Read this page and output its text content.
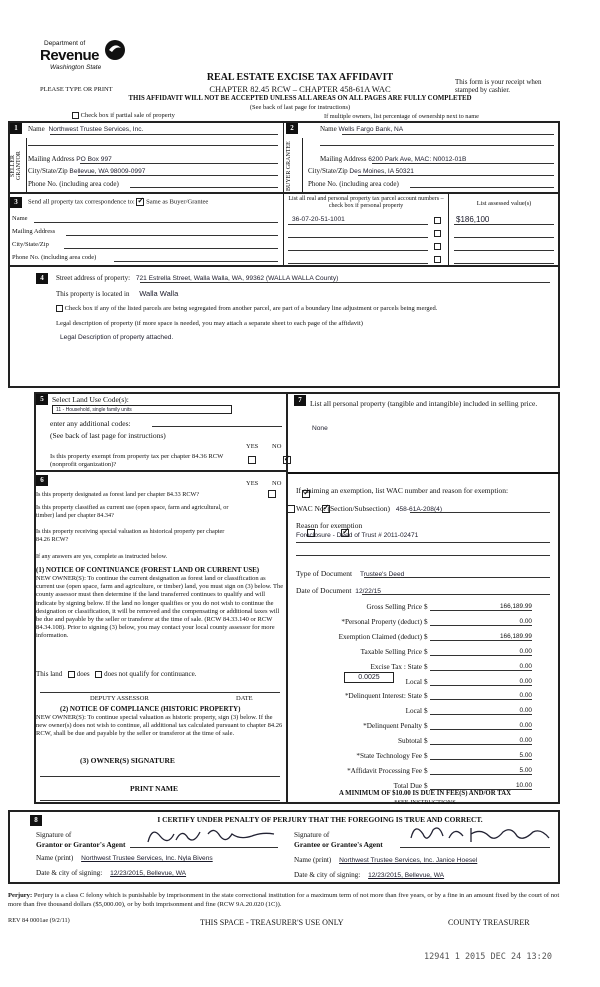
Department of
Revenue
Washington State
PLEASE TYPE OR PRINT
REAL ESTATE EXCISE TAX AFFIDAVIT
CHAPTER 82.45 RCW – CHAPTER 458-61A WAC
THIS AFFIDAVIT WILL NOT BE ACCEPTED UNLESS ALL AREAS ON ALL PAGES ARE FULLY COMPLETED
(See back of last page for instructions)
This form is your receipt when stamped by cashier.
Check box if partial sale of property	If multiple owners, list percentage of ownership next to name
1
SELLER GRANTOR
Name Northwest Trustee Services, Inc.
Mailing Address PO Box 997
City/State/Zip Bellevue, WA 98009-0997
Phone No. (including area code)
2
BUYER GRANTEE
Name Wells Fargo Bank, NA
Mailing Address 6200 Park Ave, MAC: N0012-01B
City/State/Zip Des Moines, IA 50321
Phone No. (including area code)
3	Send all property tax correspondence to: ✓ Same as Buyer/Grantee
Name
Mailing Address
City/State/Zip
Phone No. (including area code)
List all real and personal property tax parcel account numbers – check box if personal property	List assessed value(s)
36-07-20-51-1001	$186,100
4	Street address of property: 721 Estrella Street, Walla Walla, WA, 99362 (WALLA WALLA County)
This property is located in Walla Walla
Check box if any of the listed parcels are being segregated from another parcel, are part of a boundary line adjustment or parcels being merged.
Legal description of property (if more space is needed, you may attach a separate sheet to each page of the affidavit)
Legal Description of property attached.
5	Select Land Use Code(s):
11 - Household, single family units
enter any additional codes:
(See back of last page for instructions)
YES NO
Is this property exempt from property tax per chapter 84.36 RCW (nonprofit organization)?
✓
6	YES NO
Is this property designated as forest land per chapter 84.33 RCW?
✓
Is this property classified as current use (open space, farm and agricultural, or timber) land per chapter 84.34?
✓
Is this property receiving special valuation as historical property per chapter 84.26 RCW?
✓
If any answers are yes, complete as instructed below.
(1) NOTICE OF CONTINUANCE (FOREST LAND OR CURRENT USE)
NEW OWNER(S): To continue the current designation as forest land or classification as current use (open space, farm and agriculture, or timber) land, you must sign on (3) below. The county assessor must then determine if the land transferred continues to qualify and will indicate by signing below. If the land no longer qualifies or you do not wish to continue the designation or classification, it will be removed and the compensating or additional taxes will be due and payable by the seller or transferor at the time of sale. (RCW 84.33.140 or RCW 84.34.108). Prior to signing (3) below, you may contact your local county assessor for more information.
This land does does not qualify for continuance.
DEPUTY ASSESSOR	DATE
(2) NOTICE OF COMPLIANCE (HISTORIC PROPERTY)
NEW OWNER(S): To continue special valuation as historic property, sign (3) below. If the new owner(s) does not wish to continue, all additional tax calculated pursuant to chapter 84.26 RCW, shall be due and payable by the seller or transferor at the time of sale.
(3) OWNER(S) SIGNATURE
PRINT NAME
7	List all personal property (tangible and intangible) included in selling price.
None
If claiming an exemption, list WAC number and reason for exemption:
WAC No. (Section/Subsection) 458-61A-208(4)
Reason for exemption
Foreclosure - Deed of Trust # 2011-02471
Type of Document Trustee's Deed
Date of Document 12/22/15
Gross Selling Price $	166,189.99
*Personal Property (deduct) $	0.00
Exemption Claimed (deduct) $	166,189.99
Taxable Selling Price $	0.00
Excise Tax : State $	0.00
Local $	0.00
*Delinquent Interest: State $	0.00
Local $	0.00
*Delinquent Penalty $	0.00
Subtotal $	0.00
*State Technology Fee $	5.00
*Affidavit Processing Fee $	5.00
Total Due $	10.00
0.0025
A MINIMUM OF $10.00 IS DUE IN FEE(S) AND/OR TAX
*SEE INSTRUCTIONS
8	I CERTIFY UNDER PENALTY OF PERJURY THAT THE FOREGOING IS TRUE AND CORRECT.
Signature of
Grantor or Grantor's Agent
Name (print) Northwest Trustee Services, Inc. Nyla Bivens
Date & city of signing: 12/23/2015, Bellevue, WA
Signature of
Grantee or Grantee's Agent
Name (print) Northwest Trustee Services, Inc. Janice Hoesel
Date & city of signing: 12/23/2015, Bellevue, WA
Perjury: Perjury is a class C felony which is punishable by imprisonment in the state correctional institution for a maximum term of not more than five years, or by a fine in an amount fixed by the court of not more than five thousand dollars ($5,000.00), or by both imprisonment and fine (RCW 9A.20.020 (1C)).
REV 84 0001ae (9/2/11)	THIS SPACE - TREASURER'S USE ONLY	COUNTY TREASURER
12941 1 2015 DEC 24 13:20
